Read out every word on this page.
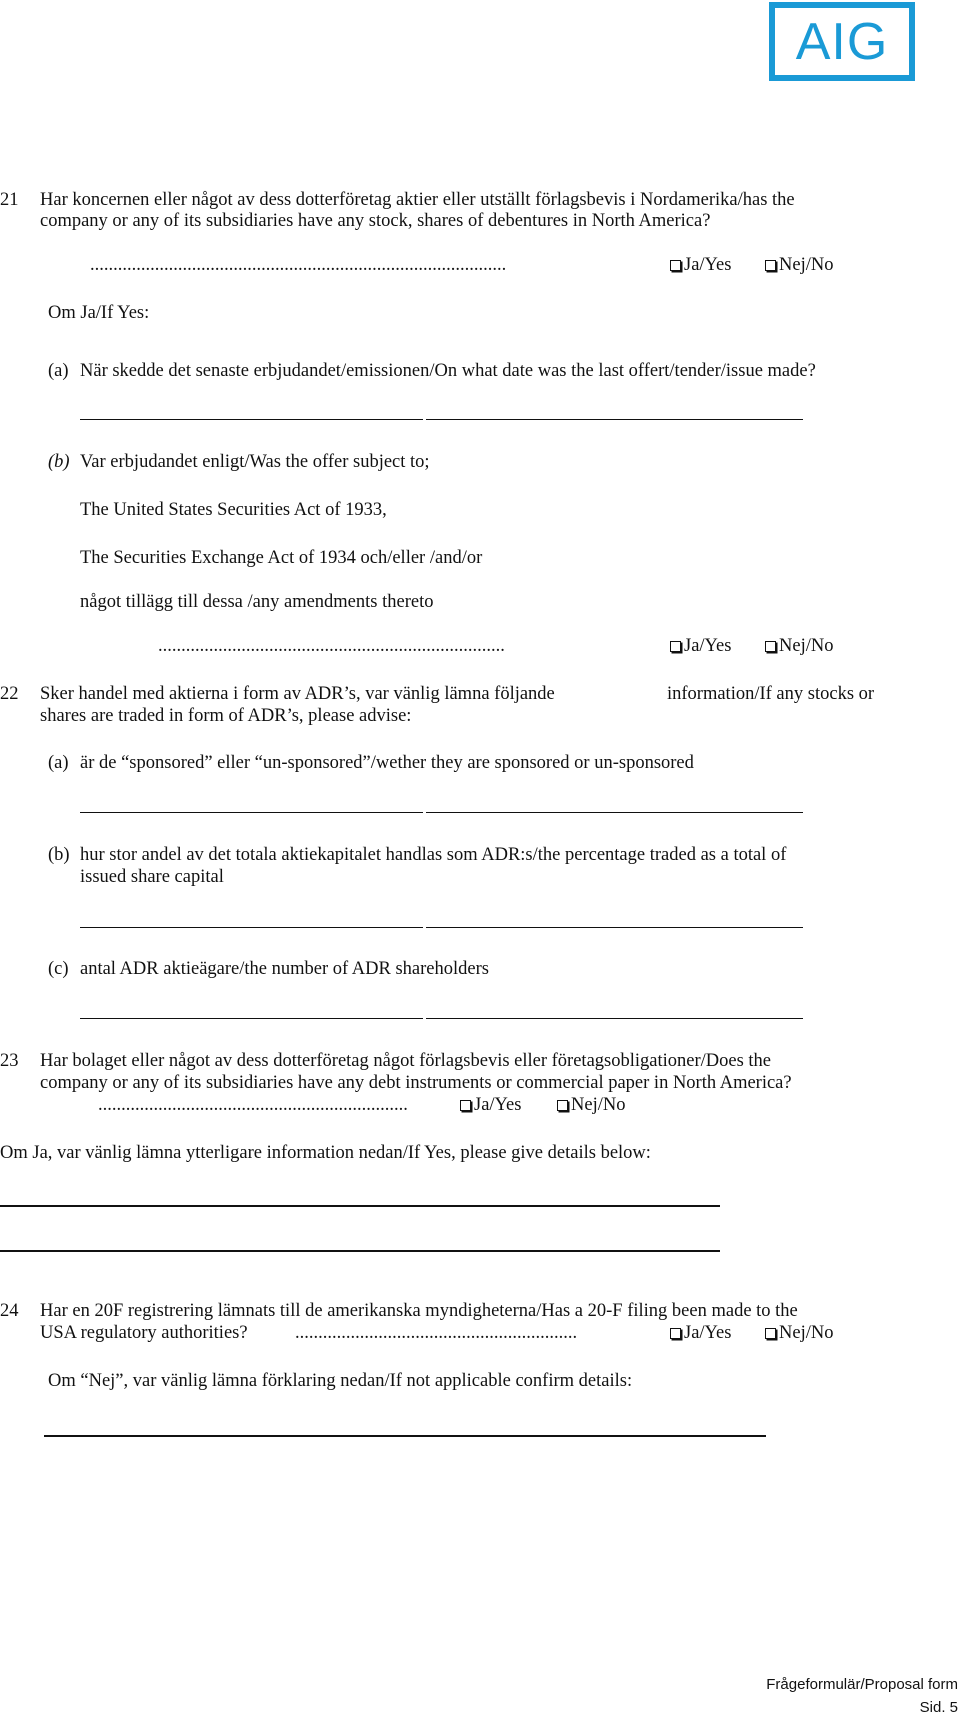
AIG
21 Har koncernen eller något av dess dotterföretag aktier eller utställt förlagsbevis i Nordamerika/has the
company or any of its subsidiaries have any stock, shares of debentures in North America?
..........................................................................................	Ja/Yes	Nej/No
Om Ja/If Yes:
(a) När skedde det senaste erbjudandet/emissionen/On what date was the last offert/tender/issue made?
(b) Var erbjudandet enligt/Was the offer subject to;
The United States Securities Act of 1933,
The Securities Exchange Act of 1934 och/eller /and/or
något tillägg till dessa /any amendments thereto
...........................................................................	Ja/Yes	Nej/No
22 Sker handel med aktierna i form av ADR’s, var vänlig lämna följande	information/If any stocks or
shares are traded in form of ADR’s, please advise:
(a) är de “sponsored” eller “un-sponsored”/wether they are sponsored or un-sponsored
(b) hur stor andel av det totala aktiekapitalet handlas som ADR:s/the percentage traded as a total of
issued share capital
(c) antal ADR aktieägare/the number of ADR shareholders
23 Har bolaget eller något av dess dotterföretag något förlagsbevis eller företagsobligationer/Does the
company or any of its subsidiaries have any debt instruments or commercial paper in North America?
...................................................................	Ja/Yes	Nej/No
Om Ja, var vänlig lämna ytterligare information nedan/If Yes, please give details below:
24 Har en 20F registrering lämnats till de amerikanska myndigheterna/Has a 20-F filing been made to the
USA regulatory authorities?	.............................................................	Ja/Yes	Nej/No
Om “Nej”, var vänlig lämna förklaring nedan/If not applicable confirm details:
Frågeformulär/Proposal form
Sid. 5
